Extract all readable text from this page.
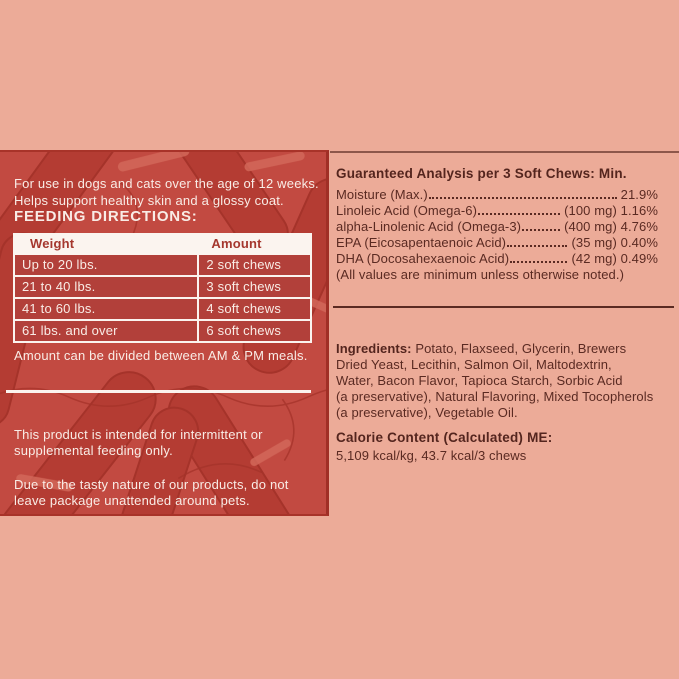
For use in dogs and cats over the age of 12 weeks.
Helps support healthy skin and a glossy coat.

FEEDING DIRECTIONS:
Weight	Amount
Up to 20 lbs.	2 soft chews
21 to 40 lbs.	3 soft chews
41 to 60 lbs.	4 soft chews
61 lbs. and over	6 soft chews
Amount can be divided between AM & PM meals.

This product is intended for intermittent or
supplemental feeding only.

Due to the tasty nature of our products, do not
leave package unattended around pets.

Guaranteed Analysis per 3 Soft Chews: Min.
Moisture (Max.)	21.9%
Linoleic Acid (Omega-6)	(100 mg) 1.16%
alpha-Linolenic Acid (Omega-3)	(400 mg) 4.76%
EPA (Eicosapentaenoic Acid)	(35 mg) 0.40%
DHA (Docosahexaenoic Acid)	(42 mg) 0.49%
(All values are minimum unless otherwise noted.)

Ingredients: Potato, Flaxseed, Glycerin, Brewers
Dried Yeast, Lecithin, Salmon Oil, Maltodextrin,
Water, Bacon Flavor, Tapioca Starch, Sorbic Acid
(a preservative), Natural Flavoring, Mixed Tocopherols
(a preservative), Vegetable Oil.

Calorie Content (Calculated) ME:
5,109 kcal/kg, 43.7 kcal/3 chews
